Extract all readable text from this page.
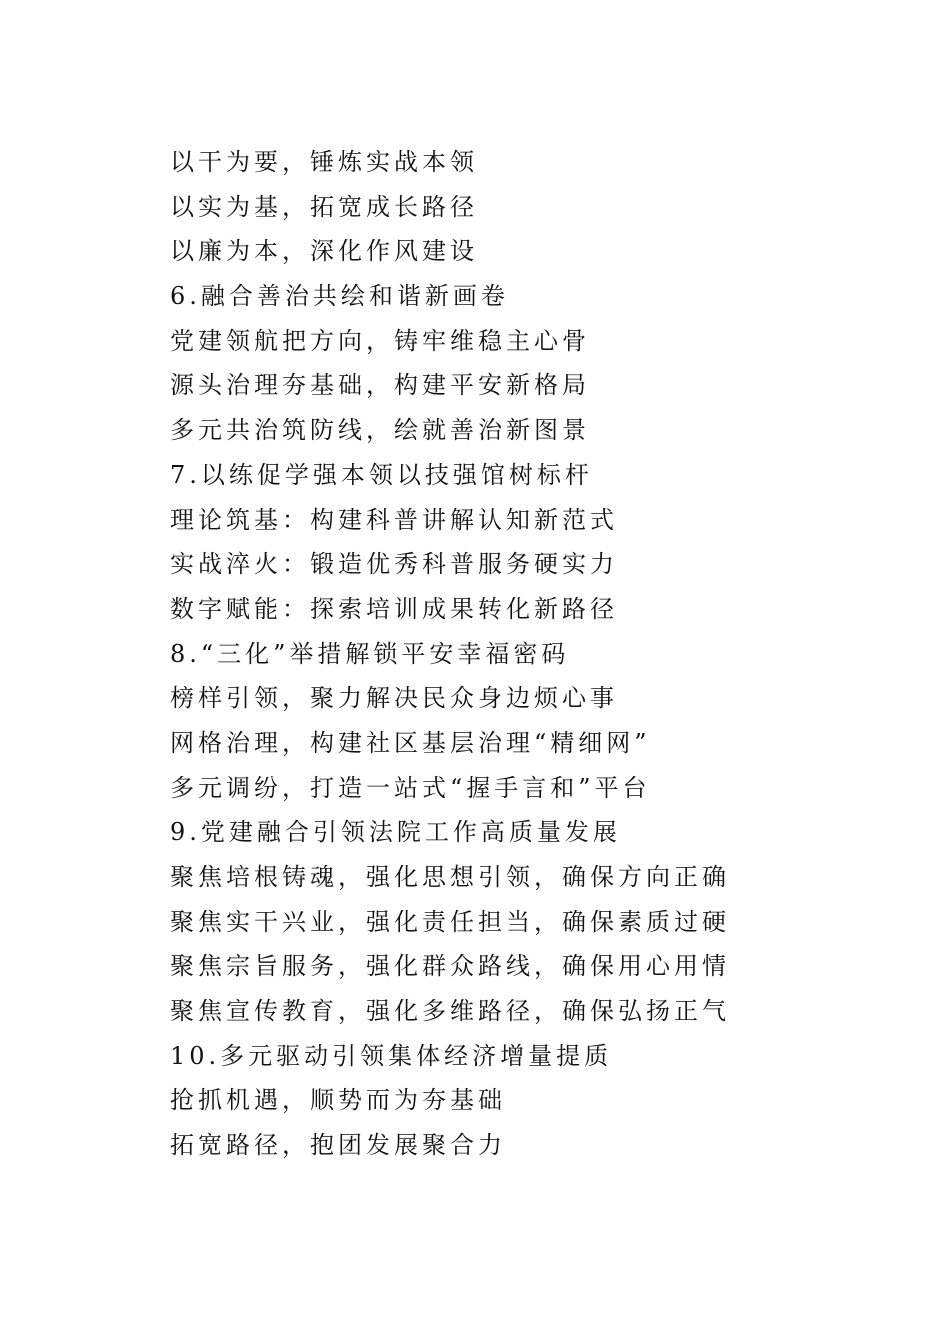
以干为要，锤炼实战本领
以实为基，拓宽成长路径
以廉为本，深化作风建设
6.融合善治共绘和谐新画卷
党建领航把方向，铸牢维稳主心骨
源头治理夯基础，构建平安新格局
多元共治筑防线，绘就善治新图景
7.以练促学强本领以技强馆树标杆
理论筑基：构建科普讲解认知新范式
实战淬火：锻造优秀科普服务硬实力
数字赋能：探索培训成果转化新路径
8.“三化”举措解锁平安幸福密码
榜样引领，聚力解决民众身边烦心事
网格治理，构建社区基层治理“精细网”
多元调纷，打造一站式“握手言和”平台
9.党建融合引领法院工作高质量发展
聚焦培根铸魂，强化思想引领，确保方向正确
聚焦实干兴业，强化责任担当，确保素质过硬
聚焦宗旨服务，强化群众路线，确保用心用情
聚焦宣传教育，强化多维路径，确保弘扬正气
10.多元驱动引领集体经济增量提质
抢抓机遇，顺势而为夯基础
拓宽路径，抱团发展聚合力
